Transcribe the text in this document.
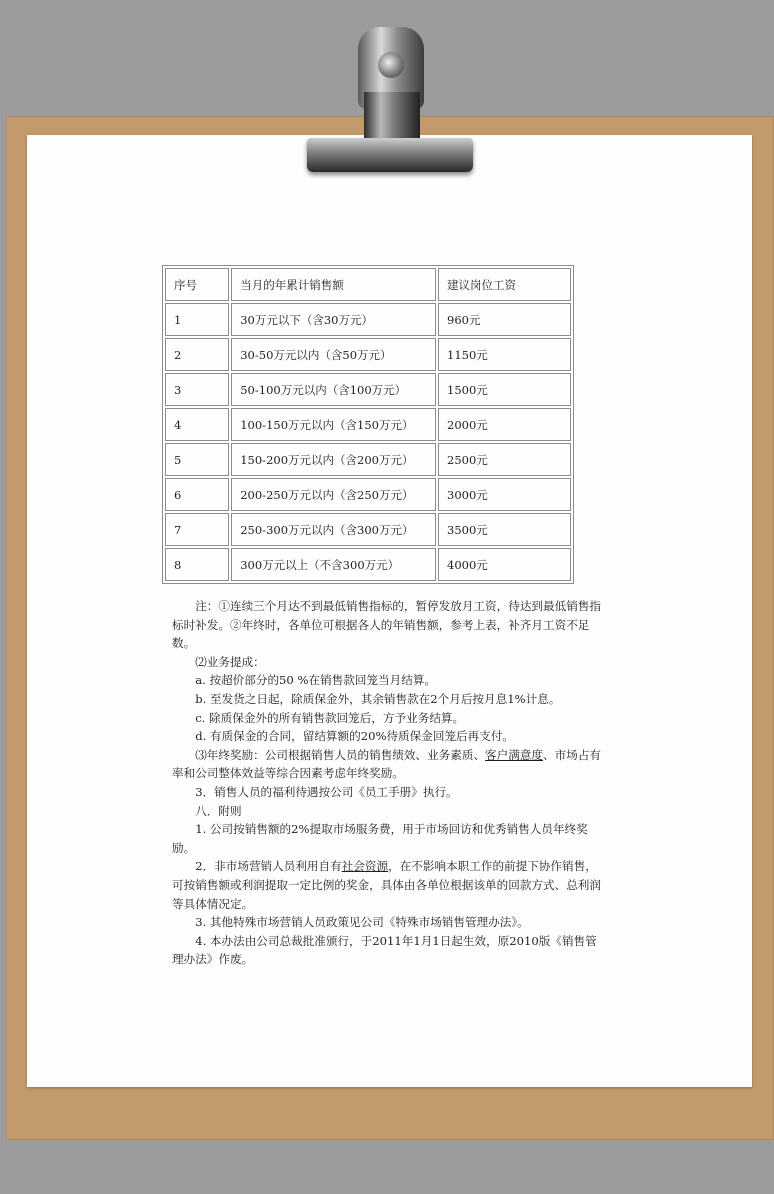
序号	当月的年累计销售额	建议岗位工资
1	30万元以下（含30万元）	960元
2	30-50万元以内（含50万元）	1150元
3	50-100万元以内（含100万元）	1500元
4	100-150万元以内（含150万元）	2000元
5	150-200万元以内（含200万元）	2500元
6	200-250万元以内（含250万元）	3000元
7	250-300万元以内（含300万元）	3500元
8	300万元以上（不含300万元）	4000元

注：①连续三个月达不到最低销售指标的，暂停发放月工资，待达到最低销售指标时补发。②年终时，各单位可根据各人的年销售额，参考上表，补齐月工资不足数。

⑵业务提成：

a. 按超价部分的50 %在销售款回笼当月结算。

b. 至发货之日起，除质保金外，其余销售款在2个月后按月息1%计息。

c. 除质保金外的所有销售款回笼后，方予业务结算。

d. 有质保金的合同，留结算额的20%待质保金回笼后再支付。

⑶年终奖励：公司根据销售人员的销售绩效、业务素质、客户满意度、市场占有率和公司整体效益等综合因素考虑年终奖励。

3．销售人员的福利待遇按公司《员工手册》执行。

八．附则

1. 公司按销售额的2%提取市场服务费，用于市场回访和优秀销售人员年终奖励。

2．非市场营销人员利用自有社会资源，在不影响本职工作的前提下协作销售，可按销售额或利润提取一定比例的奖金，具体由各单位根据该单的回款方式、总利润等具体情况定。

3. 其他特殊市场营销人员政策见公司《特殊市场销售管理办法》。

4. 本办法由公司总裁批准颁行，于2011年1月1日起生效，原2010版《销售管理办法》作废。
